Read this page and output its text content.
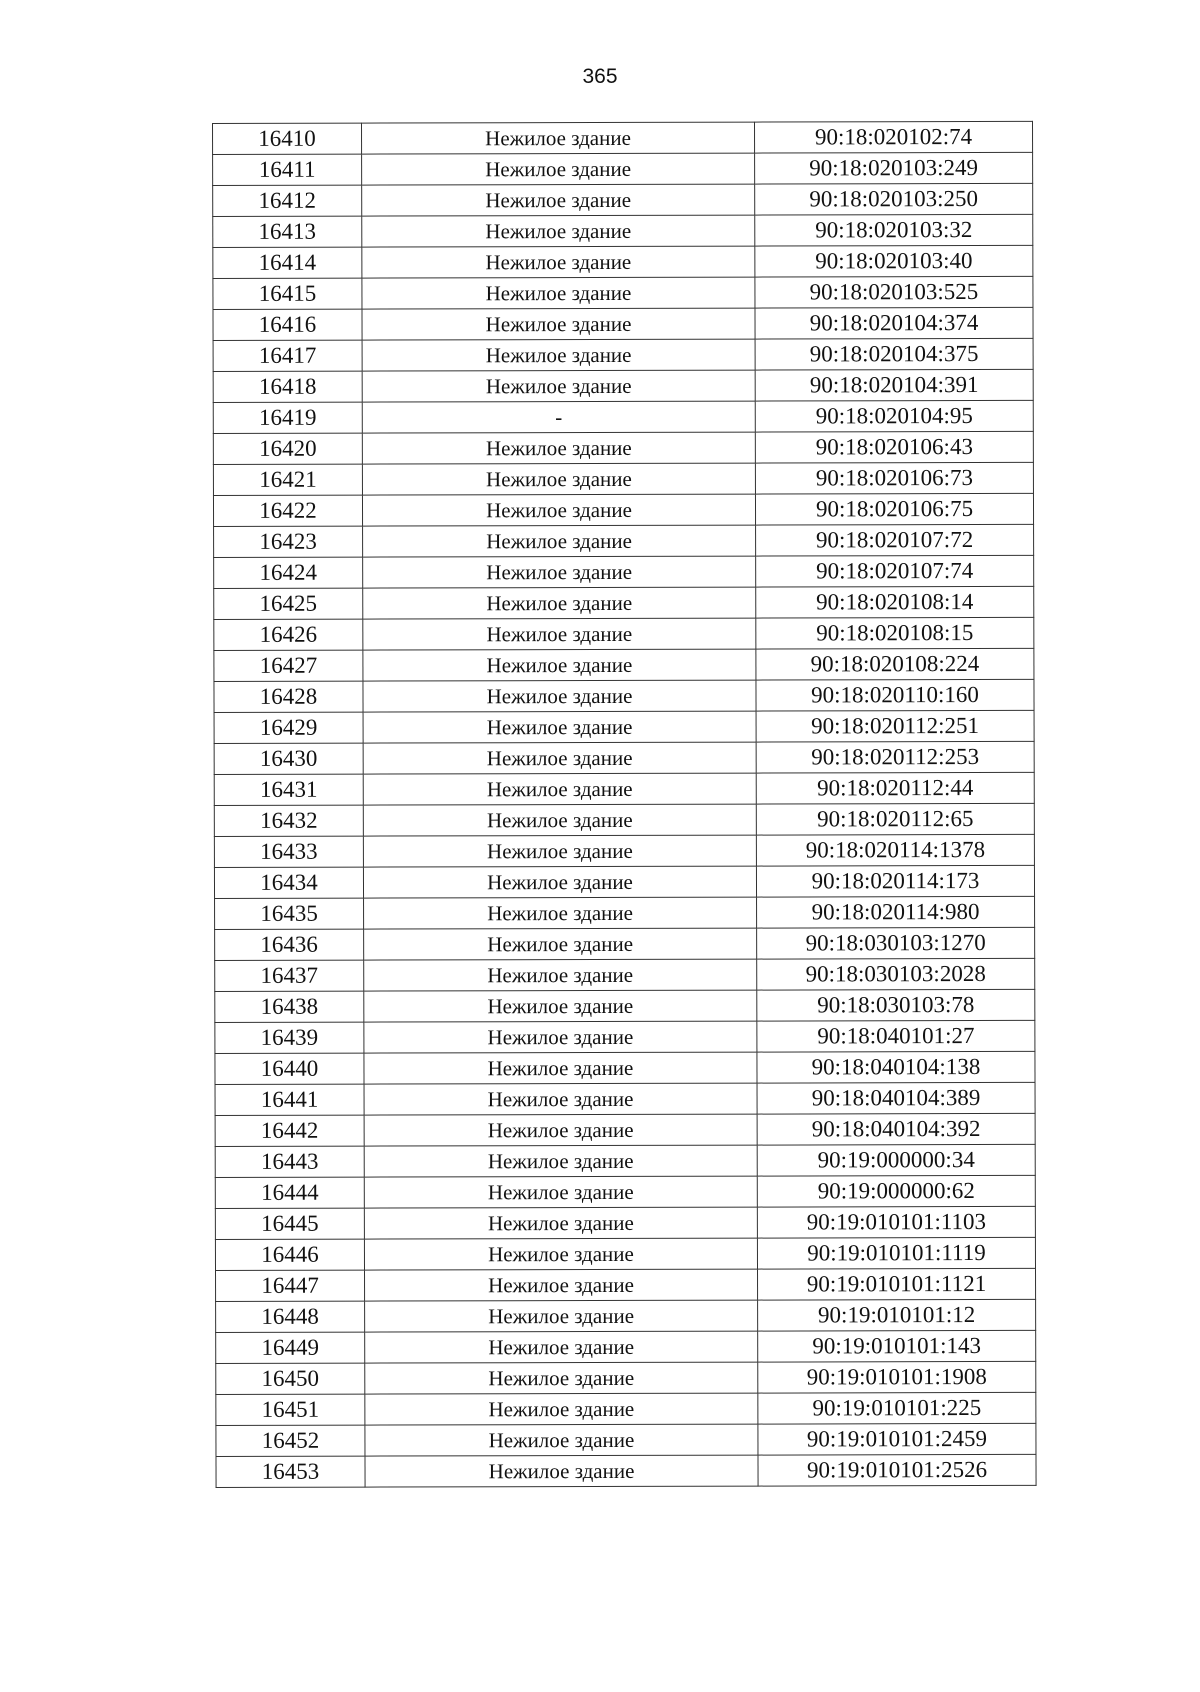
365
16410	Нежилое здание	90:18:020102:74
16411	Нежилое здание	90:18:020103:249
16412	Нежилое здание	90:18:020103:250
16413	Нежилое здание	90:18:020103:32
16414	Нежилое здание	90:18:020103:40
16415	Нежилое здание	90:18:020103:525
16416	Нежилое здание	90:18:020104:374
16417	Нежилое здание	90:18:020104:375
16418	Нежилое здание	90:18:020104:391
16419	-	90:18:020104:95
16420	Нежилое здание	90:18:020106:43
16421	Нежилое здание	90:18:020106:73
16422	Нежилое здание	90:18:020106:75
16423	Нежилое здание	90:18:020107:72
16424	Нежилое здание	90:18:020107:74
16425	Нежилое здание	90:18:020108:14
16426	Нежилое здание	90:18:020108:15
16427	Нежилое здание	90:18:020108:224
16428	Нежилое здание	90:18:020110:160
16429	Нежилое здание	90:18:020112:251
16430	Нежилое здание	90:18:020112:253
16431	Нежилое здание	90:18:020112:44
16432	Нежилое здание	90:18:020112:65
16433	Нежилое здание	90:18:020114:1378
16434	Нежилое здание	90:18:020114:173
16435	Нежилое здание	90:18:020114:980
16436	Нежилое здание	90:18:030103:1270
16437	Нежилое здание	90:18:030103:2028
16438	Нежилое здание	90:18:030103:78
16439	Нежилое здание	90:18:040101:27
16440	Нежилое здание	90:18:040104:138
16441	Нежилое здание	90:18:040104:389
16442	Нежилое здание	90:18:040104:392
16443	Нежилое здание	90:19:000000:34
16444	Нежилое здание	90:19:000000:62
16445	Нежилое здание	90:19:010101:1103
16446	Нежилое здание	90:19:010101:1119
16447	Нежилое здание	90:19:010101:1121
16448	Нежилое здание	90:19:010101:12
16449	Нежилое здание	90:19:010101:143
16450	Нежилое здание	90:19:010101:1908
16451	Нежилое здание	90:19:010101:225
16452	Нежилое здание	90:19:010101:2459
16453	Нежилое здание	90:19:010101:2526
